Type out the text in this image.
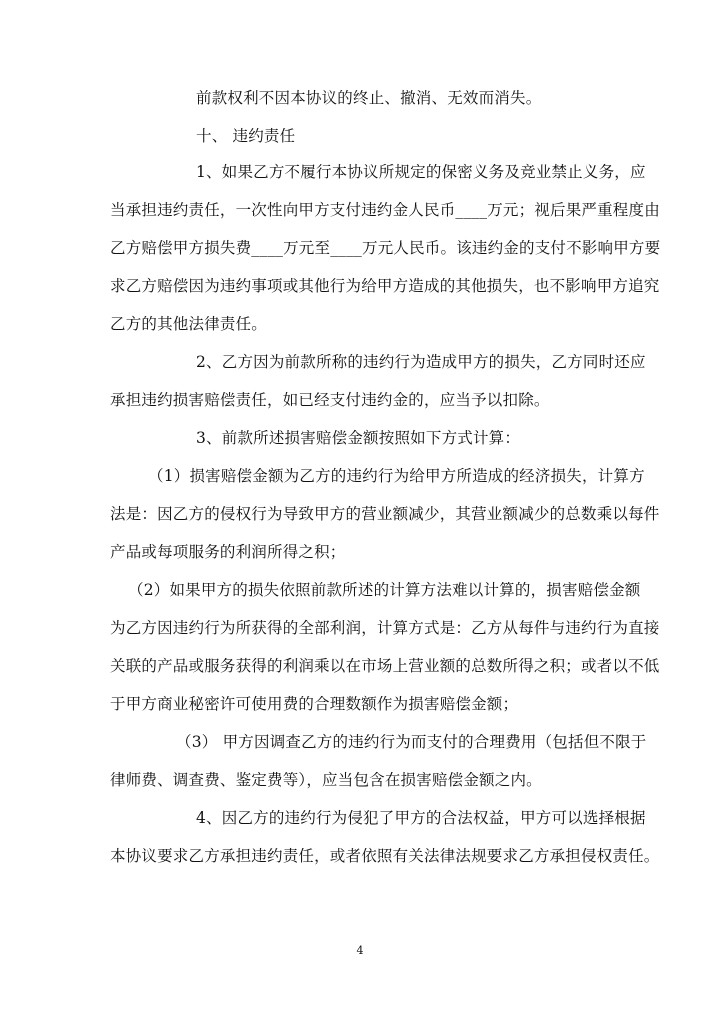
前款权利不因本协议的终止、撤消、无效而消失。
十、 违约责任
1、如果乙方不履行本协议所规定的保密义务及竞业禁止义务，应
当承担违约责任，一次性向甲方支付违约金人民币____万元；视后果严重程度由
乙方赔偿甲方损失费____万元至____万元人民币。该违约金的支付不影响甲方要
求乙方赔偿因为违约事项或其他行为给甲方造成的其他损失，也不影响甲方追究
乙方的其他法律责任。
2、乙方因为前款所称的违约行为造成甲方的损失，乙方同时还应
承担违约损害赔偿责任，如已经支付违约金的，应当予以扣除。
3、前款所述损害赔偿金额按照如下方式计算：
（1）损害赔偿金额为乙方的违约行为给甲方所造成的经济损失，计算方
法是：因乙方的侵权行为导致甲方的营业额减少，其营业额减少的总数乘以每件
产品或每项服务的利润所得之积；
（2）如果甲方的损失依照前款所述的计算方法难以计算的，损害赔偿金额
为乙方因违约行为所获得的全部利润，计算方式是：乙方从每件与违约行为直接
关联的产品或服务获得的利润乘以在市场上营业额的总数所得之积；或者以不低
于甲方商业秘密许可使用费的合理数额作为损害赔偿金额；
（3） 甲方因调查乙方的违约行为而支付的合理费用（包括但不限于
律师费、调查费、鉴定费等），应当包含在损害赔偿金额之内。
4、因乙方的违约行为侵犯了甲方的合法权益，甲方可以选择根据
本协议要求乙方承担违约责任，或者依照有关法律法规要求乙方承担侵权责任。
4
